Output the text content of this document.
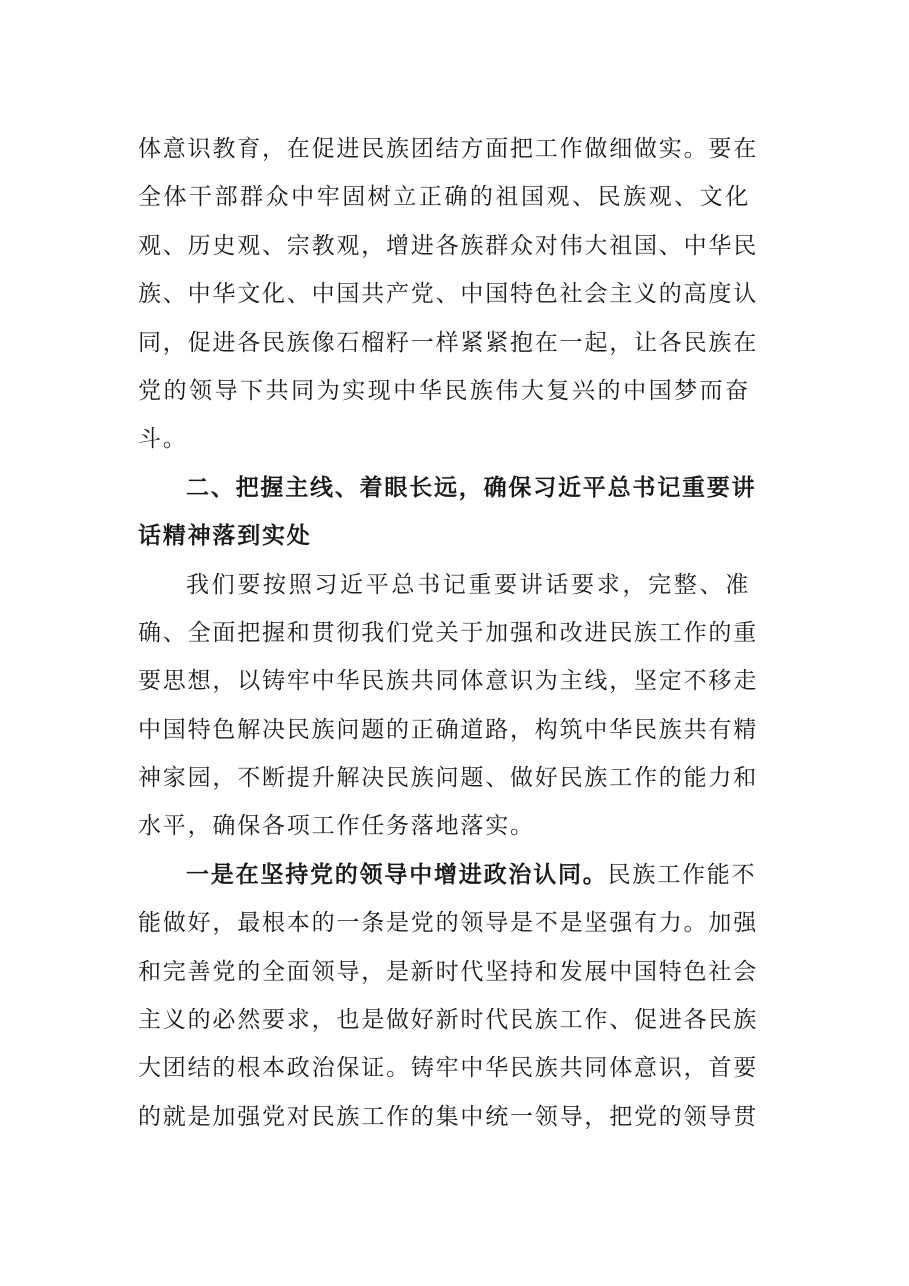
体意识教育，在促进民族团结方面把工作做细做实。要在
全体干部群众中牢固树立正确的祖国观、民族观、文化
观、历史观、宗教观，增进各族群众对伟大祖国、中华民
族、中华文化、中国共产党、中国特色社会主义的高度认
同，促进各民族像石榴籽一样紧紧抱在一起，让各民族在
党的领导下共同为实现中华民族伟大复兴的中国梦而奋
斗。
二、把握主线、着眼长远，确保习近平总书记重要讲
话精神落到实处
我们要按照习近平总书记重要讲话要求，完整、准
确、全面把握和贯彻我们党关于加强和改进民族工作的重
要思想，以铸牢中华民族共同体意识为主线，坚定不移走
中国特色解决民族问题的正确道路，构筑中华民族共有精
神家园，不断提升解决民族问题、做好民族工作的能力和
水平，确保各项工作任务落地落实。
一是在坚持党的领导中增进政治认同。民族工作能不
能做好，最根本的一条是党的领导是不是坚强有力。加强
和完善党的全面领导，是新时代坚持和发展中国特色社会
主义的必然要求，也是做好新时代民族工作、促进各民族
大团结的根本政治保证。铸牢中华民族共同体意识，首要
的就是加强党对民族工作的集中统一领导，把党的领导贯
